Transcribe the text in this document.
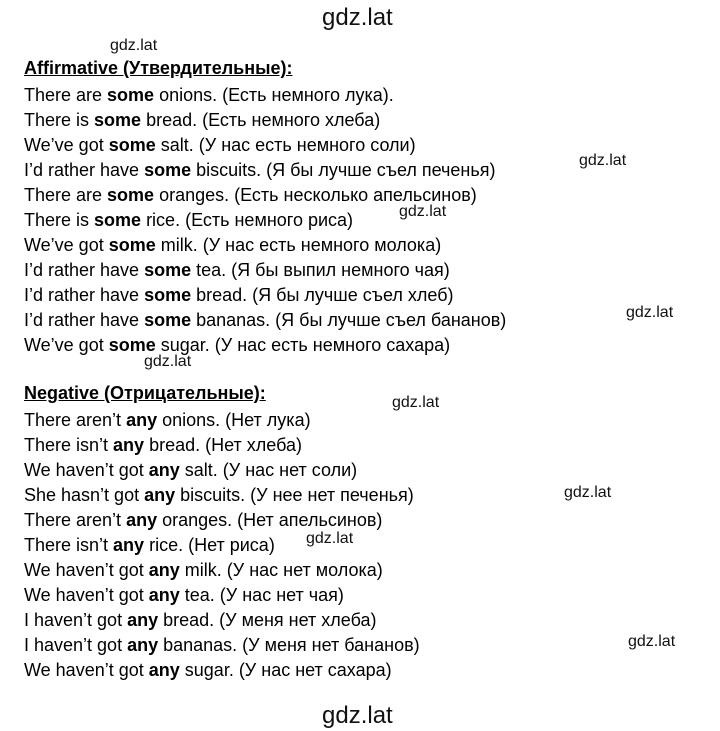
gdz.lat
gdz.lat
gdz.lat
gdz.lat
gdz.lat
gdz.lat
gdz.lat
gdz.lat
gdz.lat
gdz.lat
gdz.lat
Affirmative (Утвердительные):
There are some onions. (Есть немного лука).
There is some bread. (Есть немного хлеба)
We’ve got some salt. (У нас есть немного соли)
I’d rather have some biscuits. (Я бы лучше съел печенья)
There are some oranges. (Есть несколько апельсинов)
There is some rice. (Есть немного риса)
We’ve got some milk. (У нас есть немного молока)
I’d rather have some tea. (Я бы выпил немного чая)
I’d rather have some bread. (Я бы лучше съел хлеб)
I’d rather have some bananas. (Я бы лучше съел бананов)
We’ve got some sugar. (У нас есть немного сахара)
Negative (Отрицательные):
There aren’t any onions. (Нет лука)
There isn’t any bread. (Нет хлеба)
We haven’t got any salt. (У нас нет соли)
She hasn’t got any biscuits. (У нее нет печенья)
There aren’t any oranges. (Нет апельсинов)
There isn’t any rice. (Нет риса)
We haven’t got any milk. (У нас нет молока)
We haven’t got any tea. (У нас нет чая)
I haven’t got any bread. (У меня нет хлеба)
I haven’t got any bananas. (У меня нет бананов)
We haven’t got any sugar. (У нас нет сахара)
